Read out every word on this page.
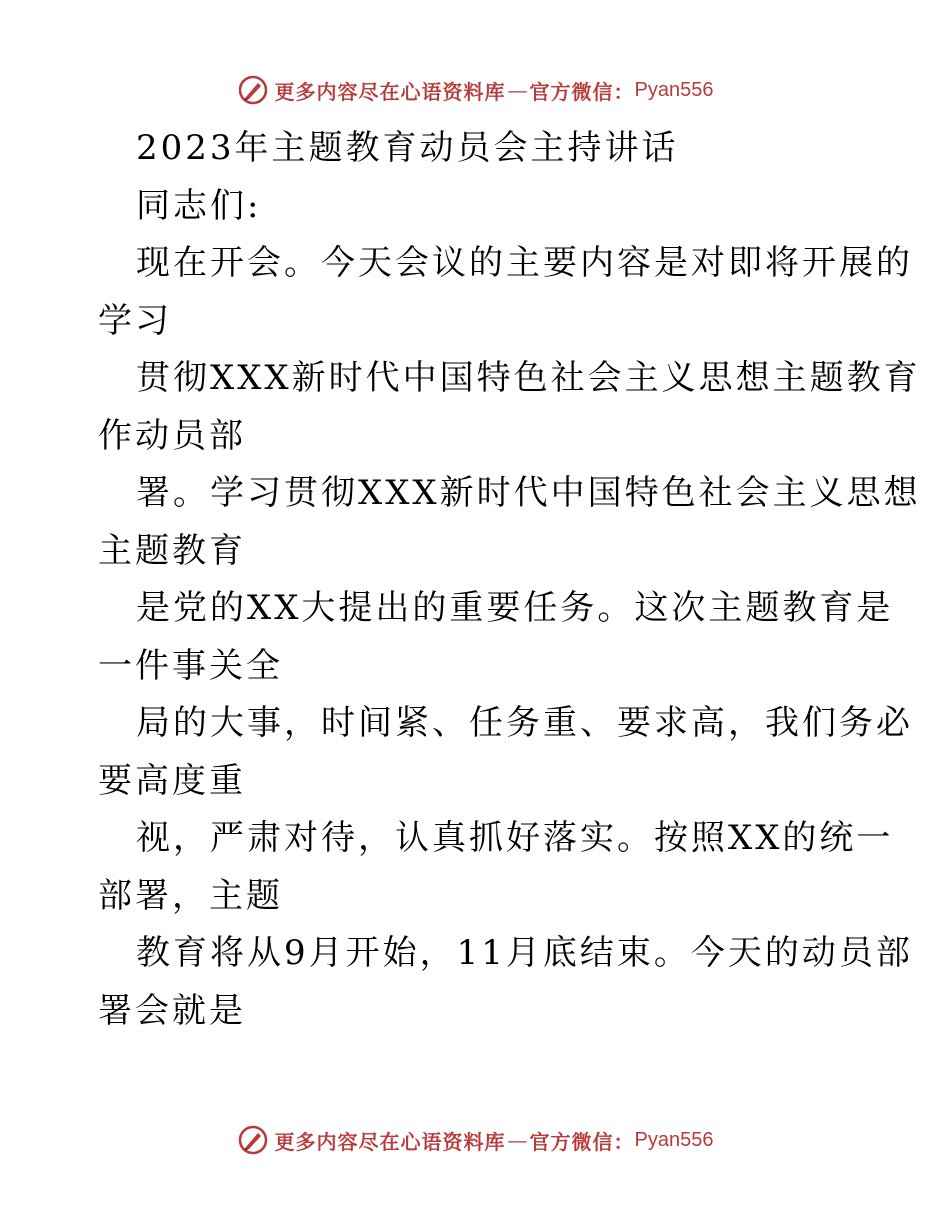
更多内容尽在心语资料库 — 官方微信： Pyan556
2023年主题教育动员会主持讲话
同志们:
现在开会。今天会议的主要内容是对即将开展的
学习
贯彻XXX新时代中国特色社会主义思想主题教育
作动员部
署。学习贯彻XXX新时代中国特色社会主义思想
主题教育
是党的XX大提出的重要任务。这次主题教育是
一件事关全
局的大事，时间紧、任务重、要求高，我们务必
要高度重
视，严肃对待，认真抓好落实。按照XX的统一
部署，主题
教育将从9月开始，11月底结束。今天的动员部
署会就是
更多内容尽在心语资料库 — 官方微信： Pyan556
